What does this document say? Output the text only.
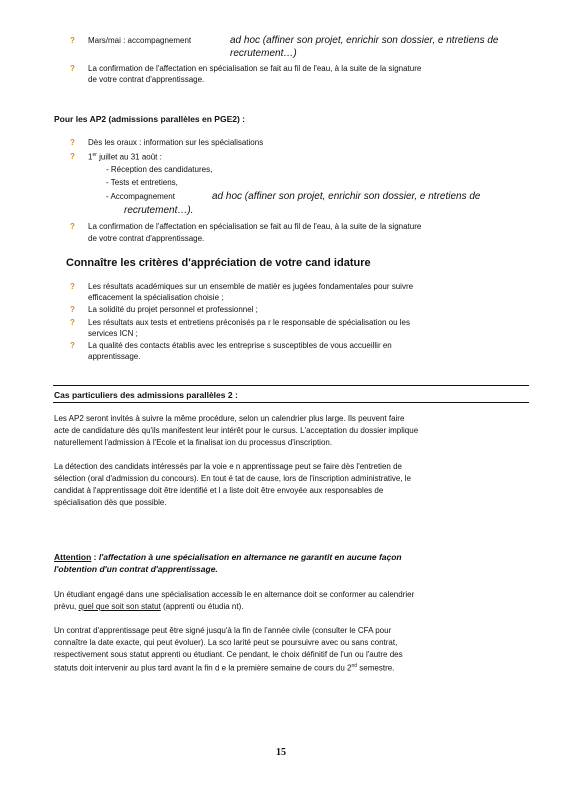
? Mars/mai : accompagnement	ad hoc (affiner son projet, enrichir son dossier, e ntretiens de recrutement…)
? La confirmation de l'affectation en spécialisation se fait au fil de l'eau, à la suite de la signature
de votre contrat d'apprentissage.
Pour les AP2 (admissions parallèles en PGE2) :
? Dès les oraux : information sur les spécialisations
? 1er juillet au 31 août :
- Réception des candidatures,
- Tests et entretiens,
- Accompagnement	ad hoc (affiner son projet, enrichir son dossier, e ntretiens de
recrutement…).
? La confirmation de l'affectation en spécialisation se fait au fil de l'eau, à la suite de la signature
de votre contrat d'apprentissage.
Connaître les critères d'appréciation de votre cand idature
? Les résultats académiques sur un ensemble de matièr es jugées fondamentales pour suivre
efficacement la spécialisation choisie ;
? La solidité du projet personnel et professionnel ;
? Les résultats aux tests et entretiens préconisés pa r le responsable de spécialisation ou les
services ICN ;
? La qualité des contacts établis avec les entreprise s susceptibles de vous accueillir en
apprentissage.
Cas particuliers des admissions parallèles 2 :
Les AP2 seront invités à suivre la même procédure, selon un calendrier plus large. Ils peuvent faire
acte de candidature dès qu'ils manifestent leur intérêt pour le cursus. L'acceptation du dossier implique
naturellement l'admission à l'Ecole et la finalisat ion du processus d'inscription.
La détection des candidats intéressés par la voie e n apprentissage peut se faire dès l'entretien de
sélection (oral d'admission du concours). En tout é tat de cause, lors de l'inscription administrative, le
candidat à l'apprentissage doit être identifié et l a liste doit être envoyée aux responsables de
spécialisation dès que possible.
Attention : l'affectation à une spécialisation en alternance ne garantit en aucune façon
l'obtention d'un contrat d'apprentissage.
Un étudiant engagé dans une spécialisation accessib le en alternance doit se conformer au calendrier
prévu, quel que soit son statut (apprenti ou étudia nt).
Un contrat d'apprentissage peut être signé jusqu'à la fin de l'année civile (consulter le CFA pour
connaître la date exacte, qui peut évoluer). La sco larité peut se poursuivre avec ou sans contrat,
respectivement sous statut apprenti ou étudiant. Ce pendant, le choix définitif de l'un ou l'autre des
statuts doit intervenir au plus tard avant la fin d e la première semaine de cours du 2nd semestre.
15
